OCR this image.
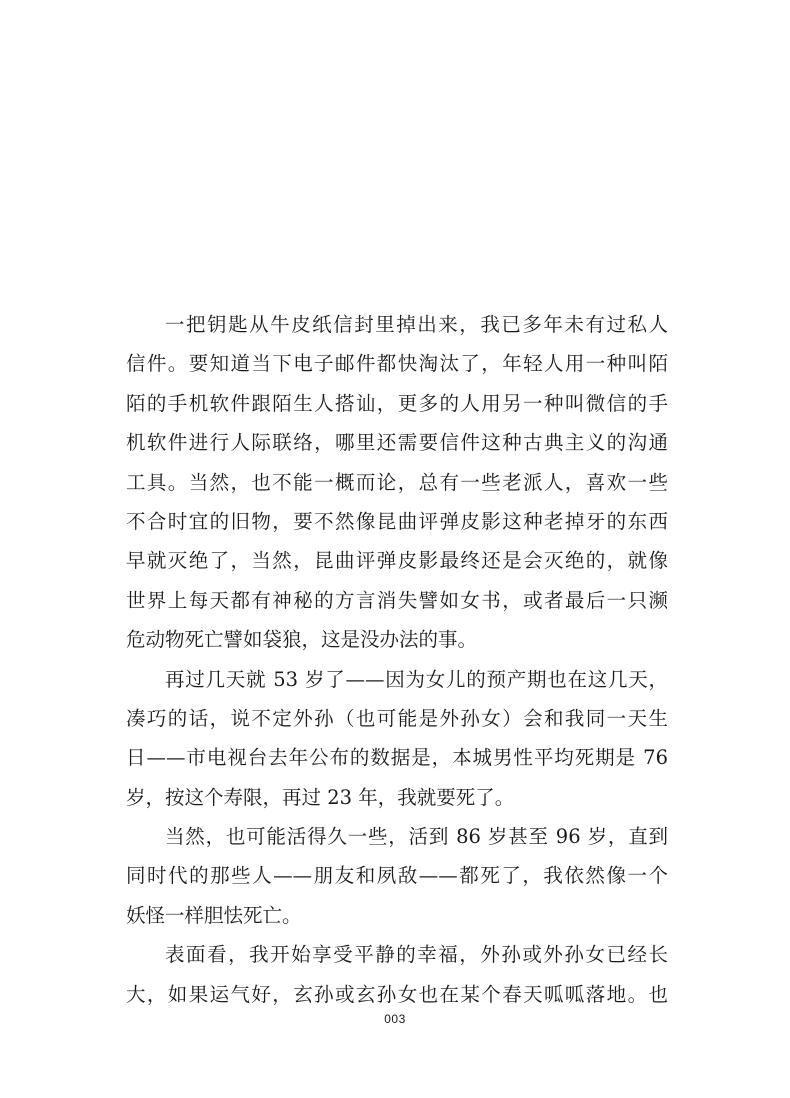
一把钥匙从牛皮纸信封里掉出来，我已多年未有过私人
信件。要知道当下电子邮件都快淘汰了，年轻人用一种叫陌
陌的手机软件跟陌生人搭讪，更多的人用另一种叫微信的手
机软件进行人际联络，哪里还需要信件这种古典主义的沟通
工具。当然，也不能一概而论，总有一些老派人，喜欢一些
不合时宜的旧物，要不然像昆曲评弹皮影这种老掉牙的东西
早就灭绝了，当然，昆曲评弹皮影最终还是会灭绝的，就像
世界上每天都有神秘的方言消失譬如女书，或者最后一只濒
危动物死亡譬如袋狼，这是没办法的事。
再过几天就 53 岁了——因为女儿的预产期也在这几天，
凑巧的话，说不定外孙（也可能是外孙女）会和我同一天生
日——市电视台去年公布的数据是，本城男性平均死期是 76
岁，按这个寿限，再过 23 年，我就要死了。
当然，也可能活得久一些，活到 86 岁甚至 96 岁，直到
同时代的那些人——朋友和夙敌——都死了，我依然像一个
妖怪一样胆怯死亡。
表面看，我开始享受平静的幸福，外孙或外孙女已经长
大，如果运气好，玄孙或玄孙女也在某个春天呱呱落地。也
003
